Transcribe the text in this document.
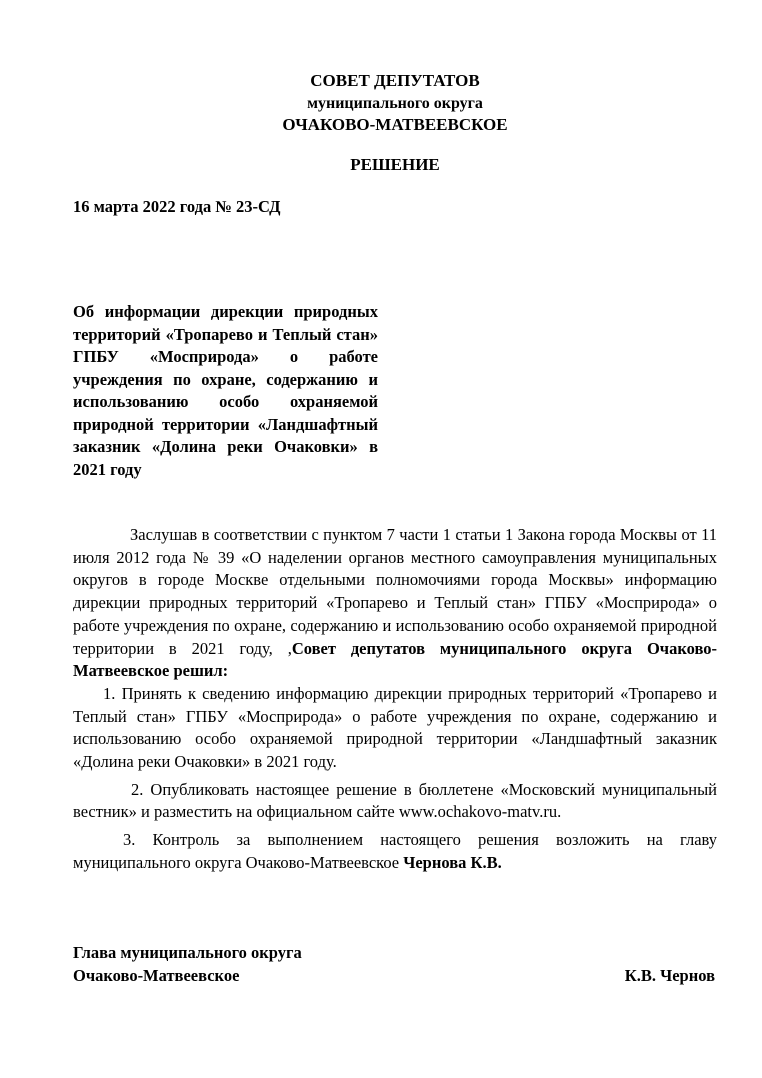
СОВЕТ ДЕПУТАТОВ
муниципального округа
ОЧАКОВО-МАТВЕЕВСКОЕ
РЕШЕНИЕ
16 марта 2022 года № 23-СД
Об информации дирекции природных территорий «Тропарево и Теплый стан» ГПБУ «Мосприрода» о работе учреждения по охране, содержанию и использованию особо охраняемой природной территории «Ландшафтный заказник «Долина реки Очаковки» в 2021 году

Заслушав в соответствии с пунктом 7 части 1 статьи 1 Закона города Москвы от 11 июля 2012 года № 39 «О наделении органов местного самоуправления муниципальных округов в городе Москве отдельными полномочиями города Москвы» информацию дирекции природных территорий «Тропарево и Теплый стан» ГПБУ «Мосприрода» о работе учреждения по охране, содержанию и использованию особо охраняемой природной территории в 2021 году, ,Совет депутатов муниципального округа Очаково-Матвеевское решил:

1. Принять к сведению информацию дирекции природных территорий «Тропарево и Теплый стан» ГПБУ «Мосприрода» о работе учреждения по охране, содержанию и использованию особо охраняемой природной территории «Ландшафтный заказник «Долина реки Очаковки» в 2021 году.

2. Опубликовать настоящее решение в бюллетене «Московский муниципальный вестник» и разместить на официальном сайте www.ochakovo-matv.ru.

3. Контроль за выполнением настоящего решения возложить на главу муниципального округа Очаково-Матвеевское Чернова К.В.

Глава муниципального округа
Очаково-Матвеевское	К.В. Чернов
